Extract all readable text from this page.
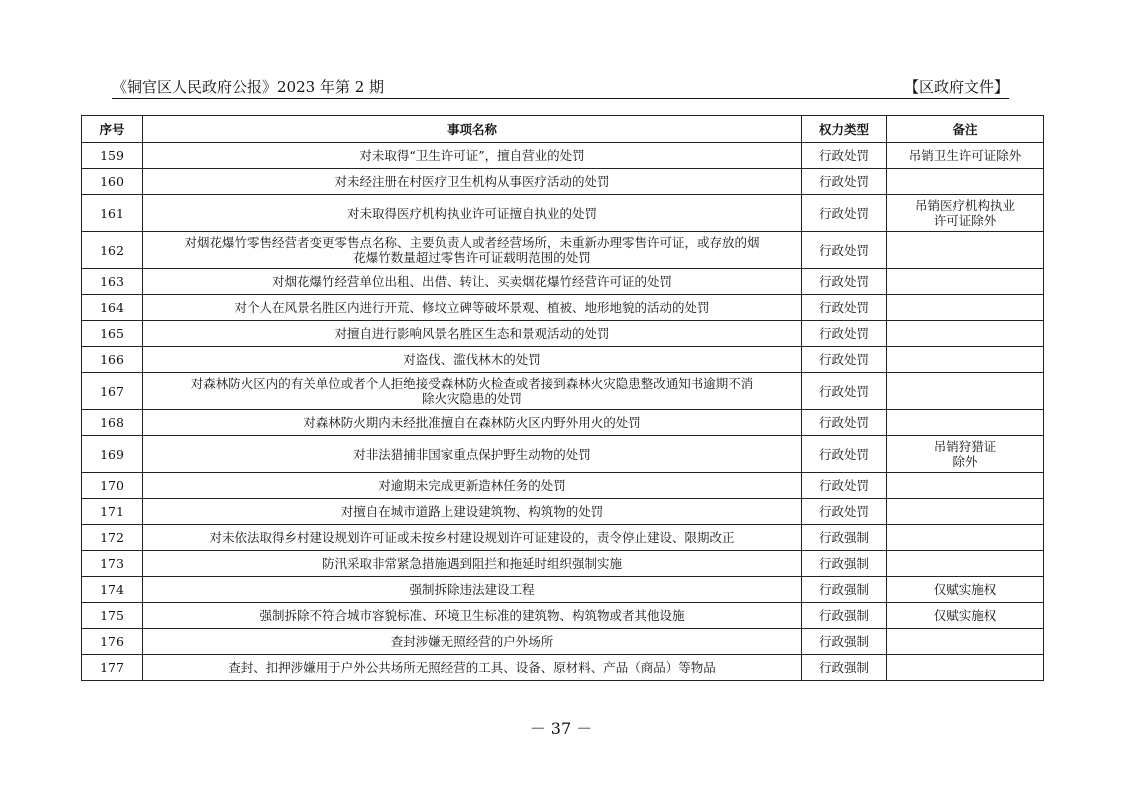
《铜官区人民政府公报》2023 年第 2 期	【区政府文件】
序号	事项名称	权力类型	备注
159	对未取得“卫生许可证”，擅自营业的处罚	行政处罚	吊销卫生许可证除外
160	对未经注册在村医疗卫生机构从事医疗活动的处罚	行政处罚	
161	对未取得医疗机构执业许可证擅自执业的处罚	行政处罚	吊销医疗机构执业
许可证除外
162	对烟花爆竹零售经营者变更零售点名称、主要负责人或者经营场所，未重新办理零售许可证，或存放的烟
花爆竹数量超过零售许可证载明范围的处罚	行政处罚	
163	对烟花爆竹经营单位出租、出借、转让、买卖烟花爆竹经营许可证的处罚	行政处罚	
164	对个人在风景名胜区内进行开荒、修坟立碑等破坏景观、植被、地形地貌的活动的处罚	行政处罚	
165	对擅自进行影响风景名胜区生态和景观活动的处罚	行政处罚	
166	对盗伐、滥伐林木的处罚	行政处罚	
167	对森林防火区内的有关单位或者个人拒绝接受森林防火检查或者接到森林火灾隐患整改通知书逾期不消
除火灾隐患的处罚	行政处罚	
168	对森林防火期内未经批准擅自在森林防火区内野外用火的处罚	行政处罚	
169	对非法猎捕非国家重点保护野生动物的处罚	行政处罚	吊销狩猎证
除外
170	对逾期未完成更新造林任务的处罚	行政处罚	
171	对擅自在城市道路上建设建筑物、构筑物的处罚	行政处罚	
172	对未依法取得乡村建设规划许可证或未按乡村建设规划许可证建设的，责令停止建设、限期改正	行政强制	
173	防汛采取非常紧急措施遇到阻拦和拖延时组织强制实施	行政强制	
174	强制拆除违法建设工程	行政强制	仅赋实施权
175	强制拆除不符合城市容貌标准、环境卫生标准的建筑物、构筑物或者其他设施	行政强制	仅赋实施权
176	查封涉嫌无照经营的户外场所	行政强制	
177	查封、扣押涉嫌用于户外公共场所无照经营的工具、设备、原材料、产品（商品）等物品	行政强制	
－ 37 －
